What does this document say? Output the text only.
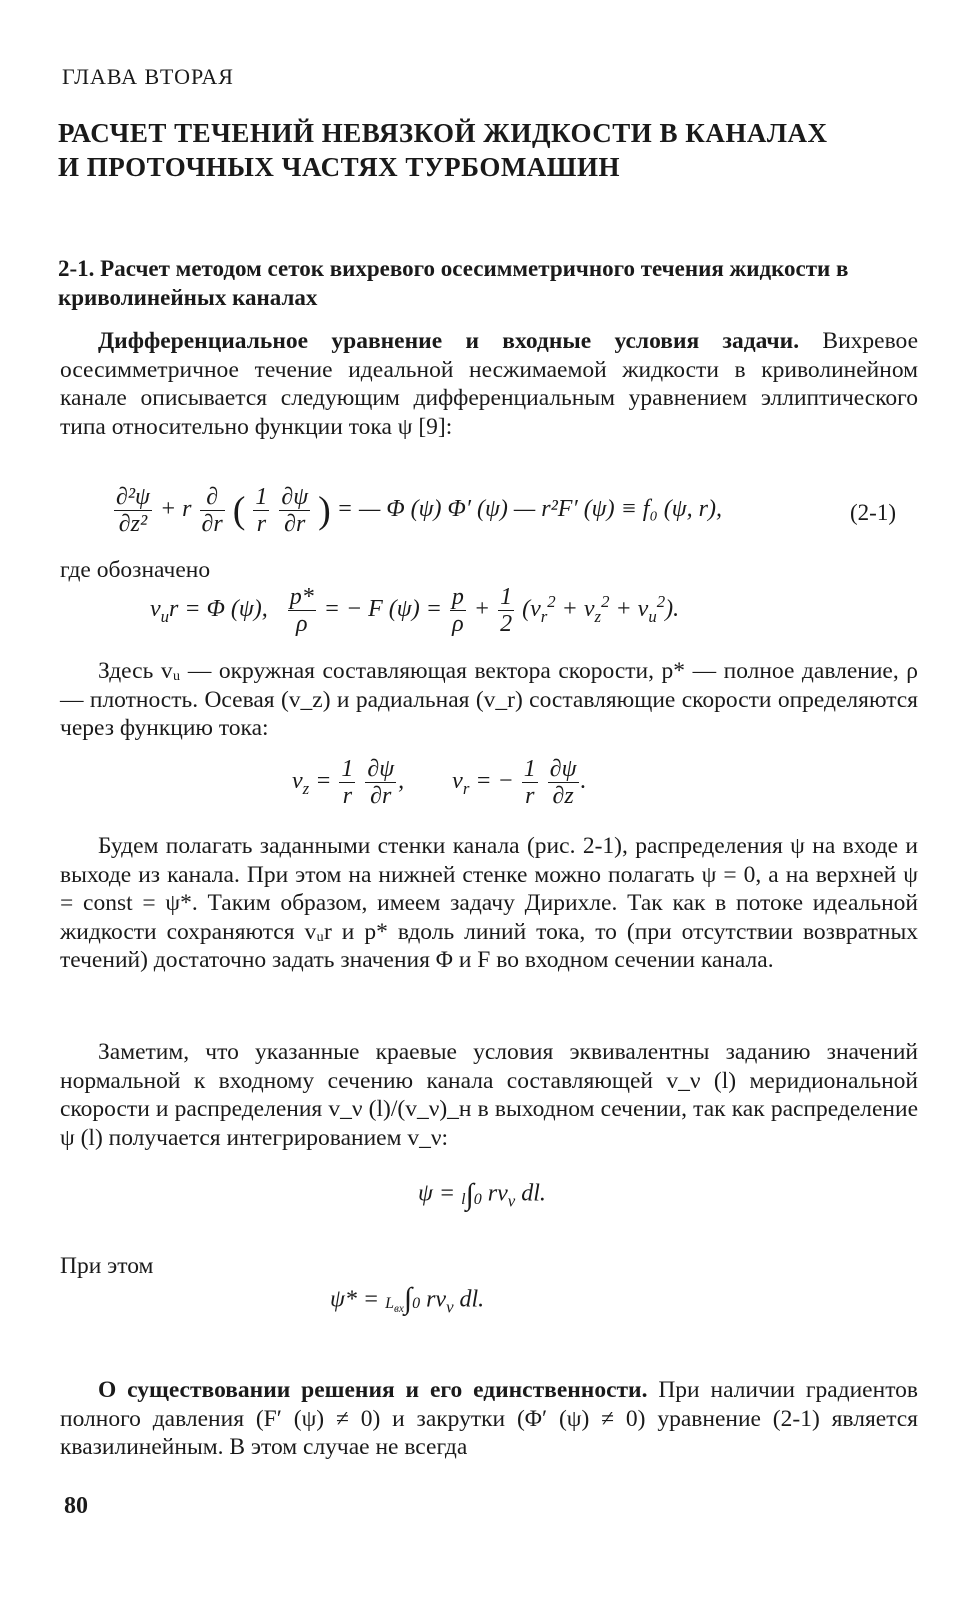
ГЛАВА ВТОРАЯ
РАСЧЕТ ТЕЧЕНИЙ НЕВЯЗКОЙ ЖИДКОСТИ В КАНАЛАХ
И ПРОТОЧНЫХ ЧАСТЯХ ТУРБОМАШИН
2-1. Расчет методом сеток вихревого осесимметричного течения жидкости в криволинейных каналах
Дифференциальное уравнение и входные условия задачи. Вихревое осесимметричное течение идеальной несжимаемой жидкости в криволинейном канале описывается следующим дифференциальным уравнением эллиптического типа относительно функции тока ψ [9]:
$\frac{\text{∂²ψ}}{\text{∂z²}} + r \frac{\partial}{\partial r}$ ( $\frac{1}{r}$
$\frac{\partial\psi}{\partial r}$ ) = — Φ (ψ) Φ′ (ψ) — r²F′ (ψ) ≡ f₀ (ψ, r),	(2-1)
где обозначено
$v_ur = \Phi$ (ψ), $\frac{p*}{\rho}$ = − F $(\psi) = \frac{p}{\rho} + \frac{1}{2} (v_r^2 + v_z^2 + v_u^2)$.
Здесь vᵤ — окружная составляющая вектора скорости, p* — полное давление, ρ — плотность. Осевая (v_z) и радиальная (v_r) составляющие скорости определяются через функцию тока:
$v_z = \frac{1}{r}$
$\frac{\partial\psi}{\partial r}$ ,        $v_r$ = − $\frac{1}{r}$
$\frac{\partial\psi}{\partial z}$ .
Будем полагать заданными стенки канала (рис. 2-1), распределения ψ на входе и выходе из канала. При этом на нижней стенке можно полагать ψ = 0, а на верхней ψ = const = ψ*. Таким образом, имеем задачу Дирихле. Так как в потоке идеальной жидкости сохраняются vᵤr и p* вдоль линий тока, то (при отсутствии возвратных течений) достаточно задать значения Φ и F во входном сечении канала.
Заметим, что указанные краевые условия эквивалентны заданию значений нормальной к входному сечению канала составляющей v_ν (l) меридиональной скорости и распределения v_ν (l)/(v_ν)_н в выходном сечении, так как распределение ψ (l) получается интегрированием v_ν:
ψ = l∫0 $rv_\nu$ dl.
При этом
$\psi* = L_{вх}\int 0$ $rv_\nu$ dl.
О существовании решения и его единственности. При наличии градиентов полного давления (F′ (ψ) ≠ 0) и закрутки (Φ′ (ψ) ≠ 0) уравнение (2-1) является квазилинейным. В этом случае не всегда
80
